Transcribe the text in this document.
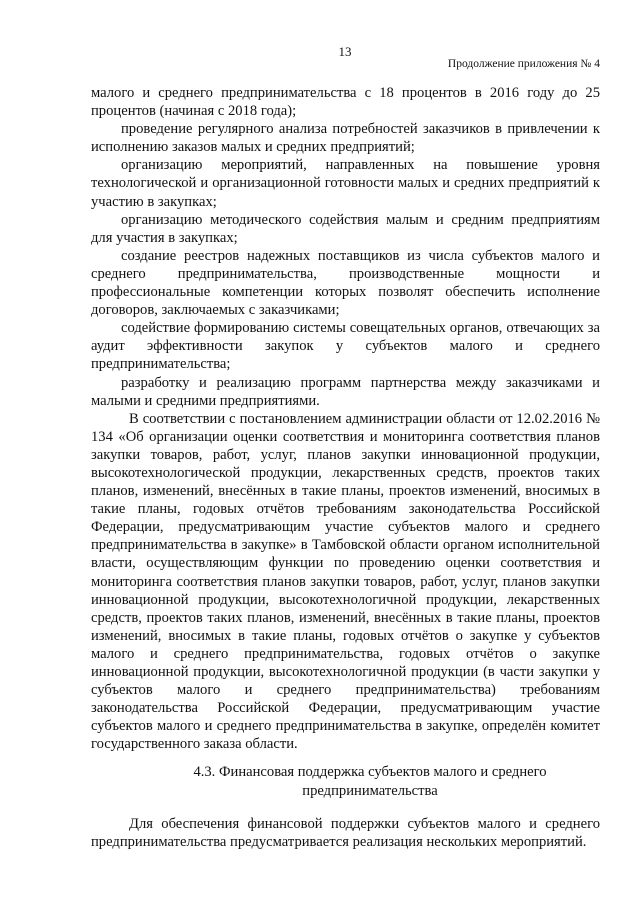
13
Продолжение приложения № 4

малого и среднего предпринимательства с 18 процентов в 2016 году до 25 процентов (начиная с 2018 года);

проведение регулярного анализа потребностей заказчиков в привлечении к исполнению заказов малых и средних предприятий;

организацию мероприятий, направленных на повышение уровня технологической и организационной готовности малых и средних предприятий к участию в закупках;

организацию методического содействия малым и средним предприятиям для участия в закупках;

создание реестров надежных поставщиков из числа субъектов малого и среднего предпринимательства, производственные мощности и профессиональные компетенции которых позволят обеспечить исполнение договоров, заключаемых с заказчиками;

содействие формированию системы совещательных органов, отвечающих за аудит эффективности закупок у субъектов малого и среднего предпринимательства;

разработку и реализацию программ партнерства между заказчиками и малыми и средними предприятиями.

В соответствии с постановлением администрации области от 12.02.2016 № 134 «Об организации оценки соответствия и мониторинга соответствия планов закупки товаров, работ, услуг, планов закупки инновационной продукции, высокотехнологической продукции, лекарственных средств, проектов таких планов, изменений, внесённых в такие планы, проектов изменений, вносимых в такие планы, годовых отчётов требованиям законодательства Российской Федерации, предусматривающим участие субъектов малого и среднего предпринимательства в закупке» в Тамбовской области органом исполнительной власти, осуществляющим функции по проведению оценки соответствия и мониторинга соответствия планов закупки товаров, работ, услуг, планов закупки инновационной продукции, высокотехнологичной продукции, лекарственных средств, проектов таких планов, изменений, внесённых в такие планы, проектов изменений, вносимых в такие планы, годовых отчётов о закупке у субъектов малого и среднего предпринимательства, годовых отчётов о закупке инновационной продукции, высокотехнологичной продукции (в части закупки у субъектов малого и среднего предпринимательства) требованиям законодательства Российской Федерации, предусматривающим участие субъектов малого и среднего предпринимательства в закупке, определён комитет государственного заказа области.

4.3. Финансовая поддержка субъектов малого и среднего предпринимательства

Для обеспечения финансовой поддержки субъектов малого и среднего предпринимательства предусматривается реализация нескольких мероприятий.
